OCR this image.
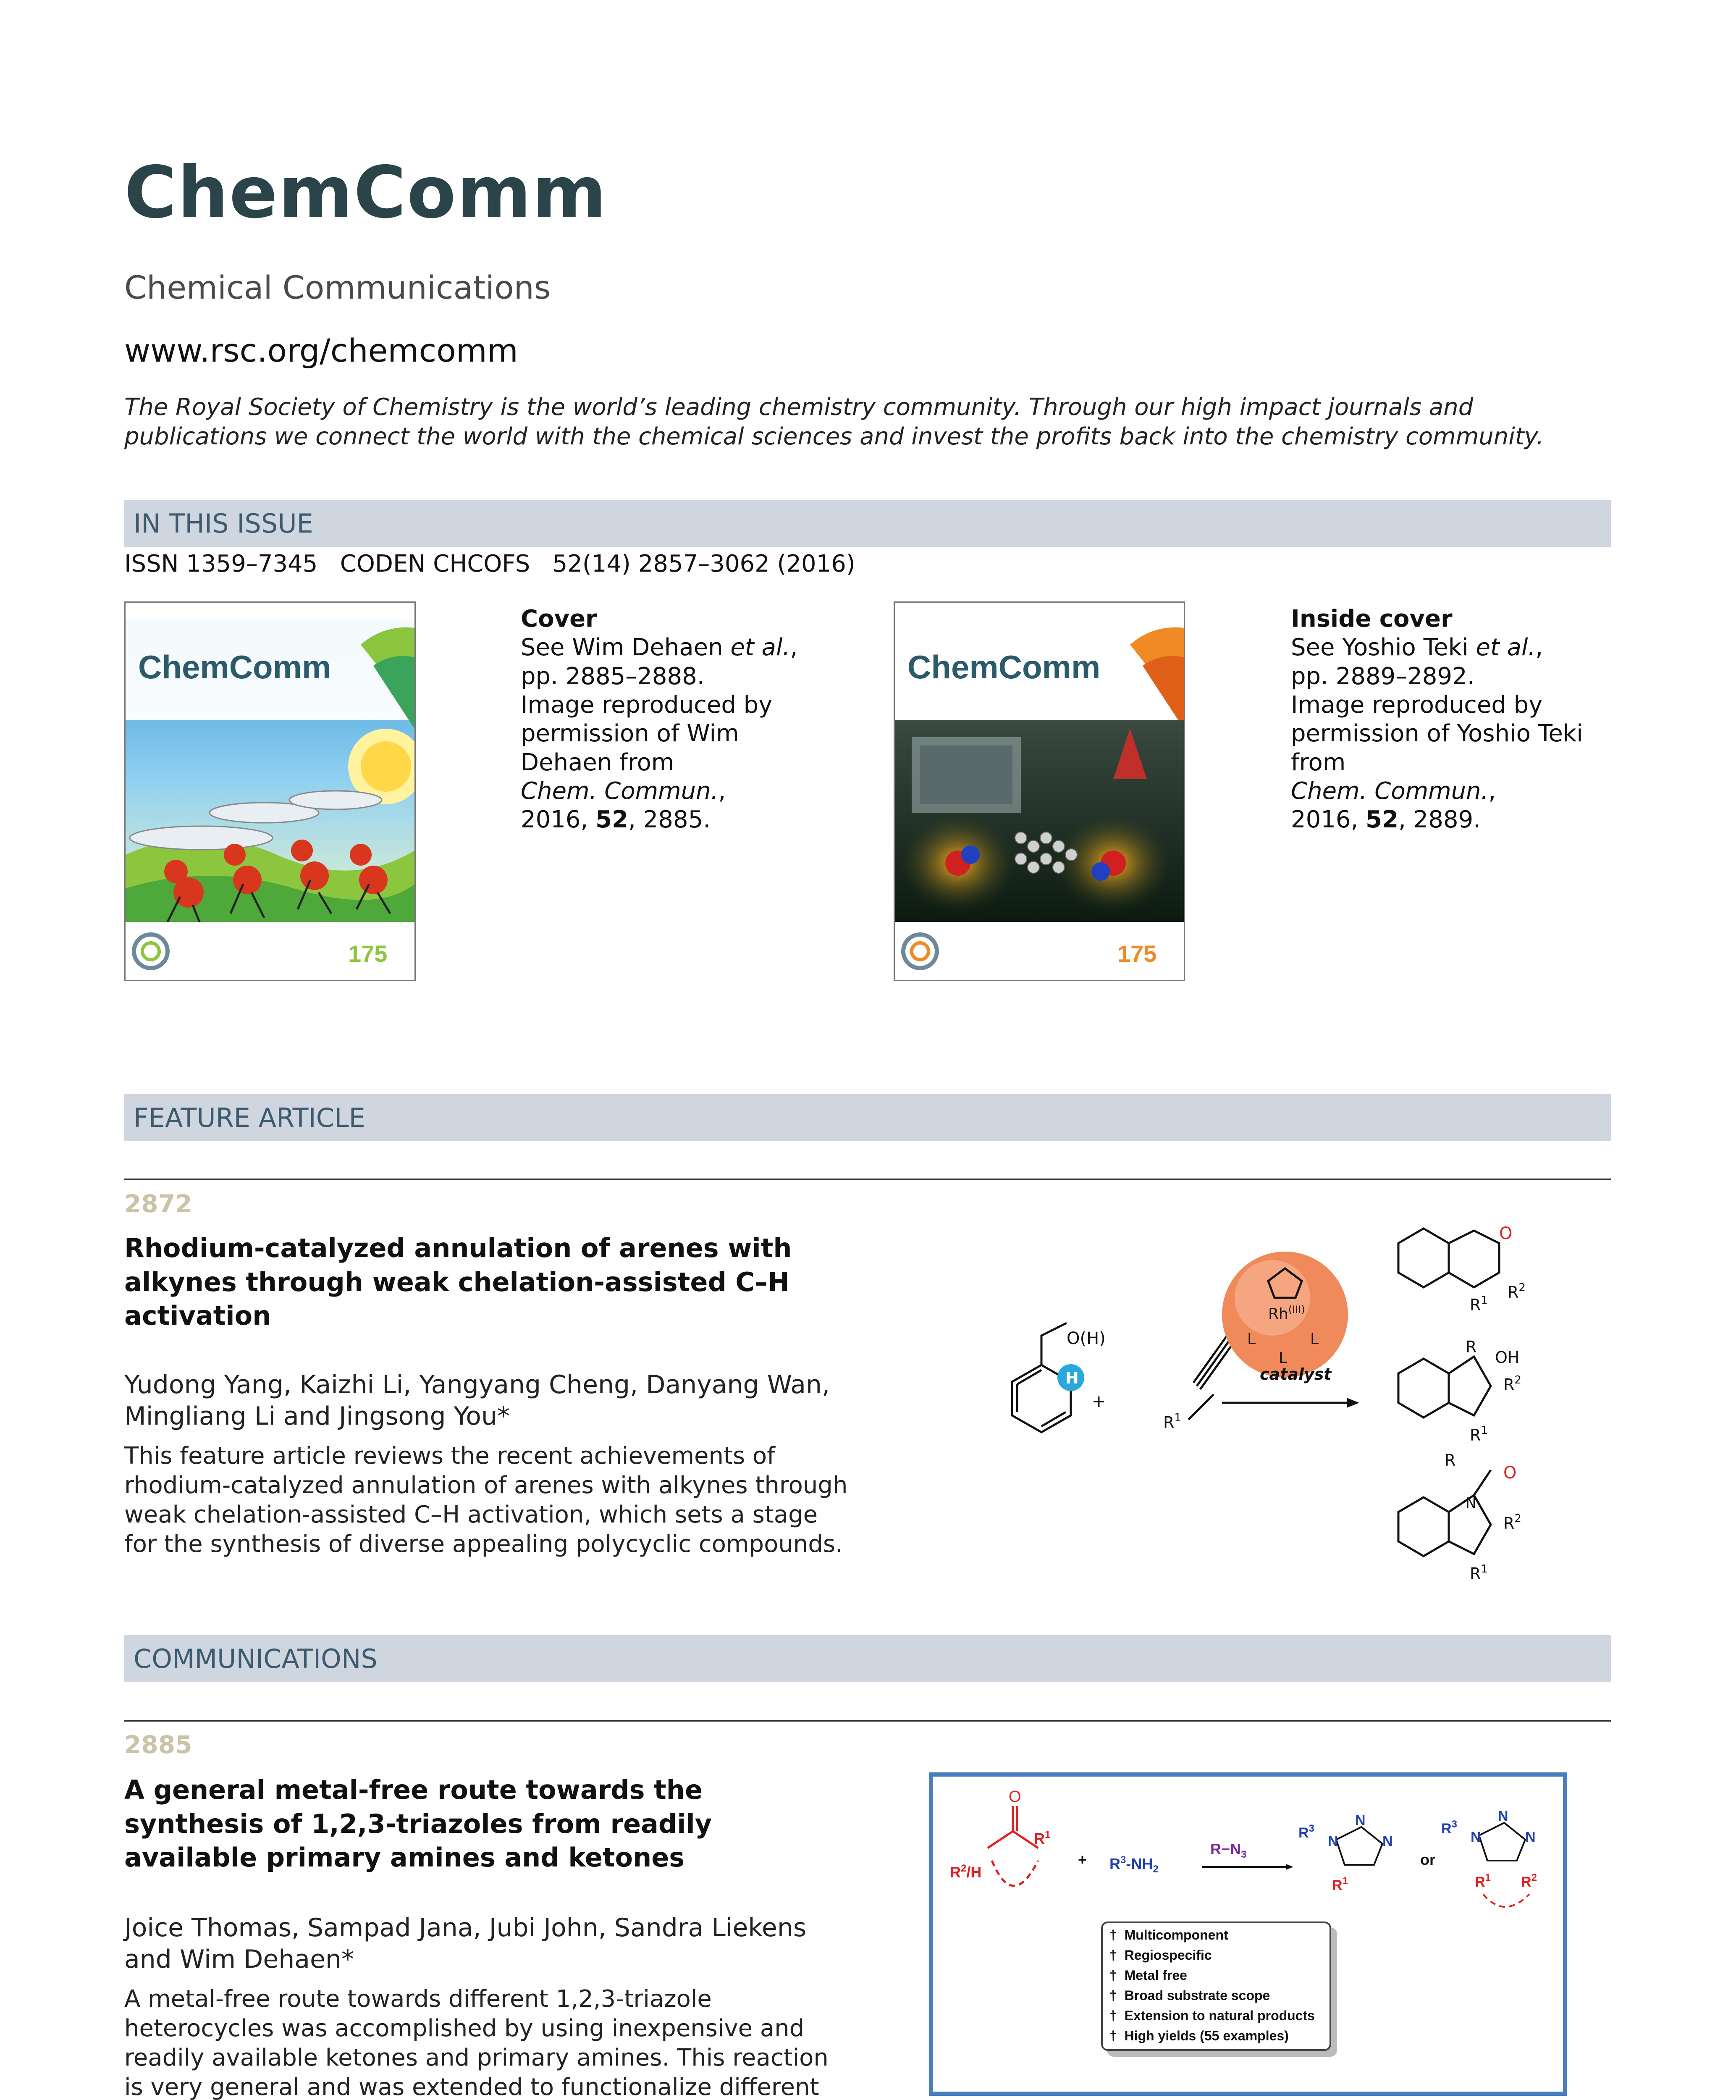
ChemComm
Chemical Communications
www.rsc.org/chemcomm
The Royal Society of Chemistry is the world’s leading chemistry community. Through our high impact journals and publications we connect the world with the chemical sciences and invest the profits back into the chemistry community.
IN THIS ISSUE
ISSN 1359–7345   CODEN CHCOFS   52(14) 2857–3062 (2016)
ChemComm
175
Cover
See Wim Dehaen et al.,
pp. 2885–2888.
Image reproduced by permission of Wim Dehaen from
Chem. Commun.,
2016, 52, 2885.
ChemComm
175
Inside cover
See Yoshio Teki et al.,
pp. 2889–2892.
Image reproduced by permission of Yoshio Teki from
Chem. Commun.,
2016, 52, 2889.
FEATURE ARTICLE
2872
Rhodium-catalyzed annulation of arenes with alkynes through weak chelation-assisted C–H activation
Yudong Yang, Kaizhi Li, Yangyang Cheng, Danyang Wan, Mingliang Li and Jingsong You*
This feature article reviews the recent achievements of rhodium-catalyzed annulation of arenes with alkynes through weak chelation-assisted C–H activation, which sets a stage for the synthesis of diverse appealing polycyclic compounds.
O(H)
H
+
$R^1$
$Rh^{(III)}$
L	L
L
catalyst
O
$R^2$
$R^1$
R
OH
$R^2$
$R^1$
N
R
O
$R^2$
$R^1$
COMMUNICATIONS
2885
A general metal-free route towards the synthesis of 1,2,3-triazoles from readily available primary amines and ketones
Joice Thomas, Sampad Jana, Jubi John, Sandra Liekens and Wim Dehaen*
A metal-free route towards different 1,2,3-triazole heterocycles was accomplished by using inexpensive and readily available ketones and primary amines. This reaction is very general and was extended to functionalize different
O
$R^1$
$R^2/H$
+ $R^3-NH_2$
$R-N_3$
$R^3$
N
N
N
$R^1$
or
$R^3$
N
N
N
$R^1$ $R^2$
† Multicomponent
† Regiospecific
† Metal free
† Broad substrate scope
† Extension to natural products
† High yields (55 examples)
